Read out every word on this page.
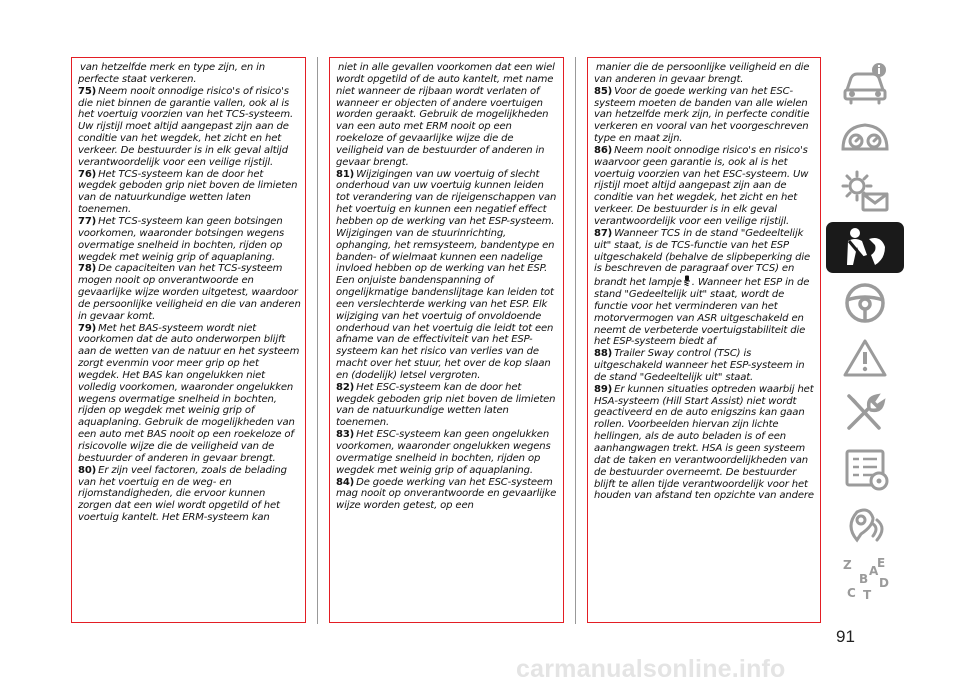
van hetzelfde merk en type zijn, en in perfecte staat verkeren.

75) Neem nooit onnodige risico's of risico's die niet binnen de garantie vallen, ook al is het voertuig voorzien van het TCS-systeem. Uw rijstijl moet altijd aangepast zijn aan de conditie van het wegdek, het zicht en het verkeer. De bestuurder is in elk geval altijd verantwoordelijk voor een veilige rijstijl.

76) Het TCS-systeem kan de door het wegdek geboden grip niet boven de limieten van de natuurkundige wetten laten toenemen.

77) Het TCS-systeem kan geen botsingen voorkomen, waaronder botsingen wegens overmatige snelheid in bochten, rijden op wegdek met weinig grip of aquaplaning.

78) De capaciteiten van het TCS-systeem mogen nooit op onverantwoorde en gevaarlijke wijze worden uitgetest, waardoor de persoonlijke veiligheid en die van anderen in gevaar komt.

79) Met het BAS-systeem wordt niet voorkomen dat de auto onderworpen blijft aan de wetten van de natuur en het systeem zorgt evenmin voor meer grip op het wegdek. Het BAS kan ongelukken niet volledig voorkomen, waaronder ongelukken wegens overmatige snelheid in bochten, rijden op wegdek met weinig grip of aquaplaning. Gebruik de mogelijkheden van een auto met BAS nooit op een roekeloze of risicovolle wijze die de veiligheid van de bestuurder of anderen in gevaar brengt.

80) Er zijn veel factoren, zoals de belading van het voertuig en de weg- en rijomstandigheden, die ervoor kunnen zorgen dat een wiel wordt opgetild of het voertuig kantelt. Het ERM-systeem kan

niet in alle gevallen voorkomen dat een wiel wordt opgetild of de auto kantelt, met name niet wanneer de rijbaan wordt verlaten of wanneer er objecten of andere voertuigen worden geraakt. Gebruik de mogelijkheden van een auto met ERM nooit op een roekeloze of gevaarlijke wijze die de veiligheid van de bestuurder of anderen in gevaar brengt.

81) Wijzigingen van uw voertuig of slecht onderhoud van uw voertuig kunnen leiden tot verandering van de rijeigenschappen van het voertuig en kunnen een negatief effect hebben op de werking van het ESP-systeem. Wijzigingen van de stuurinrichting, ophanging, het remsysteem, bandentype en banden- of wielmaat kunnen een nadelige invloed hebben op de werking van het ESP. Een onjuiste bandenspanning of ongelijkmatige bandenslijtage kan leiden tot een verslechterde werking van het ESP. Elk wijziging van het voertuig of onvoldoende onderhoud van het voertuig die leidt tot een afname van de effectiviteit van het ESP-systeem kan het risico van verlies van de macht over het stuur, het over de kop slaan en (dodelijk) letsel vergroten.

82) Het ESC-systeem kan de door het wegdek geboden grip niet boven de limieten van de natuurkundige wetten laten toenemen.

83) Het ESC-systeem kan geen ongelukken voorkomen, waaronder ongelukken wegens overmatige snelheid in bochten, rijden op wegdek met weinig grip of aquaplaning.

84) De goede werking van het ESC-systeem mag nooit op onverantwoorde en gevaarlijke wijze worden getest, op een

manier die de persoonlijke veiligheid en die van anderen in gevaar brengt.

85) Voor de goede werking van het ESC-systeem moeten de banden van alle wielen van hetzelfde merk zijn, in perfecte conditie verkeren en vooral van het voorgeschreven type en maat zijn.

86) Neem nooit onnodige risico's en risico's waarvoor geen garantie is, ook al is het voertuig voorzien van het ESC-systeem. Uw rijstijl moet altijd aangepast zijn aan de conditie van het wegdek, het zicht en het verkeer. De bestuurder is in elk geval verantwoordelijk voor een veilige rijstijl.

87) Wanneer TCS in de stand "Gedeeltelijk uit" staat, is de TCS-functie van het ESP uitgeschakeld (behalve de slipbeperking die is beschreven de paragraaf over TCS) en brandt het lampje . Wanneer het ESP in de stand "Gedeeltelijk uit" staat, wordt de functie voor het verminderen van het motorvermogen van ASR uitgeschakeld en neemt de verbeterde voertuigstabiliteit die het ESP-systeem biedt af

88) Trailer Sway control (TSC) is uitgeschakeld wanneer het ESP-systeem in de stand "Gedeeltelijk uit" staat.

89) Er kunnen situaties optreden waarbij het HSA-systeem (Hill Start Assist) niet wordt geactiveerd en de auto enigszins kan gaan rollen. Voorbeelden hiervan zijn lichte hellingen, als de auto beladen is of een aanhangwagen trekt. HSA is geen systeem dat de taken en verantwoordelijkheden van de bestuurder overneemt. De bestuurder blijft te allen tijde verantwoordelijk voor het houden van afstand ten opzichte van andere

Z E
B D
C T
A
91
carmanualsonline.info
